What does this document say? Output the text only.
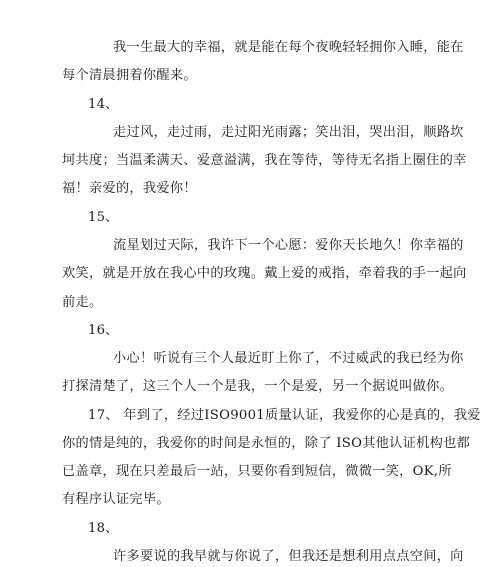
我一生最大的幸福，就是能在每个夜晚轻轻拥你入睡，能在
每个清晨拥着你醒来。
14、
走过风，走过雨，走过阳光雨露；笑出泪，哭出泪，顺路坎
坷共度；当温柔满天、爱意溢满，我在等待，等待无名指上圈住的幸
福！亲爱的，我爱你！
15、
流星划过天际，我许下一个心愿：爱你天长地久！你幸福的
欢笑，就是开放在我心中的玫瑰。戴上爱的戒指，牵着我的手一起向
前走。
16、
小心！听说有三个人最近盯上你了，不过威武的我已经为你
打探清楚了，这三个人一个是我，一个是爱，另一个据说叫做你。
17、 年到了，经过ISO9001质量认证，我爱你的心是真的，我爱
你的情是纯的，我爱你的时间是永恒的，除了 ISO其他认证机构也都
已盖章，现在只差最后一站，只要你看到短信，微微一笑，OK,所
有程序认证完毕。
18、
许多要说的我早就与你说了，但我还是想利用点点空间，向
